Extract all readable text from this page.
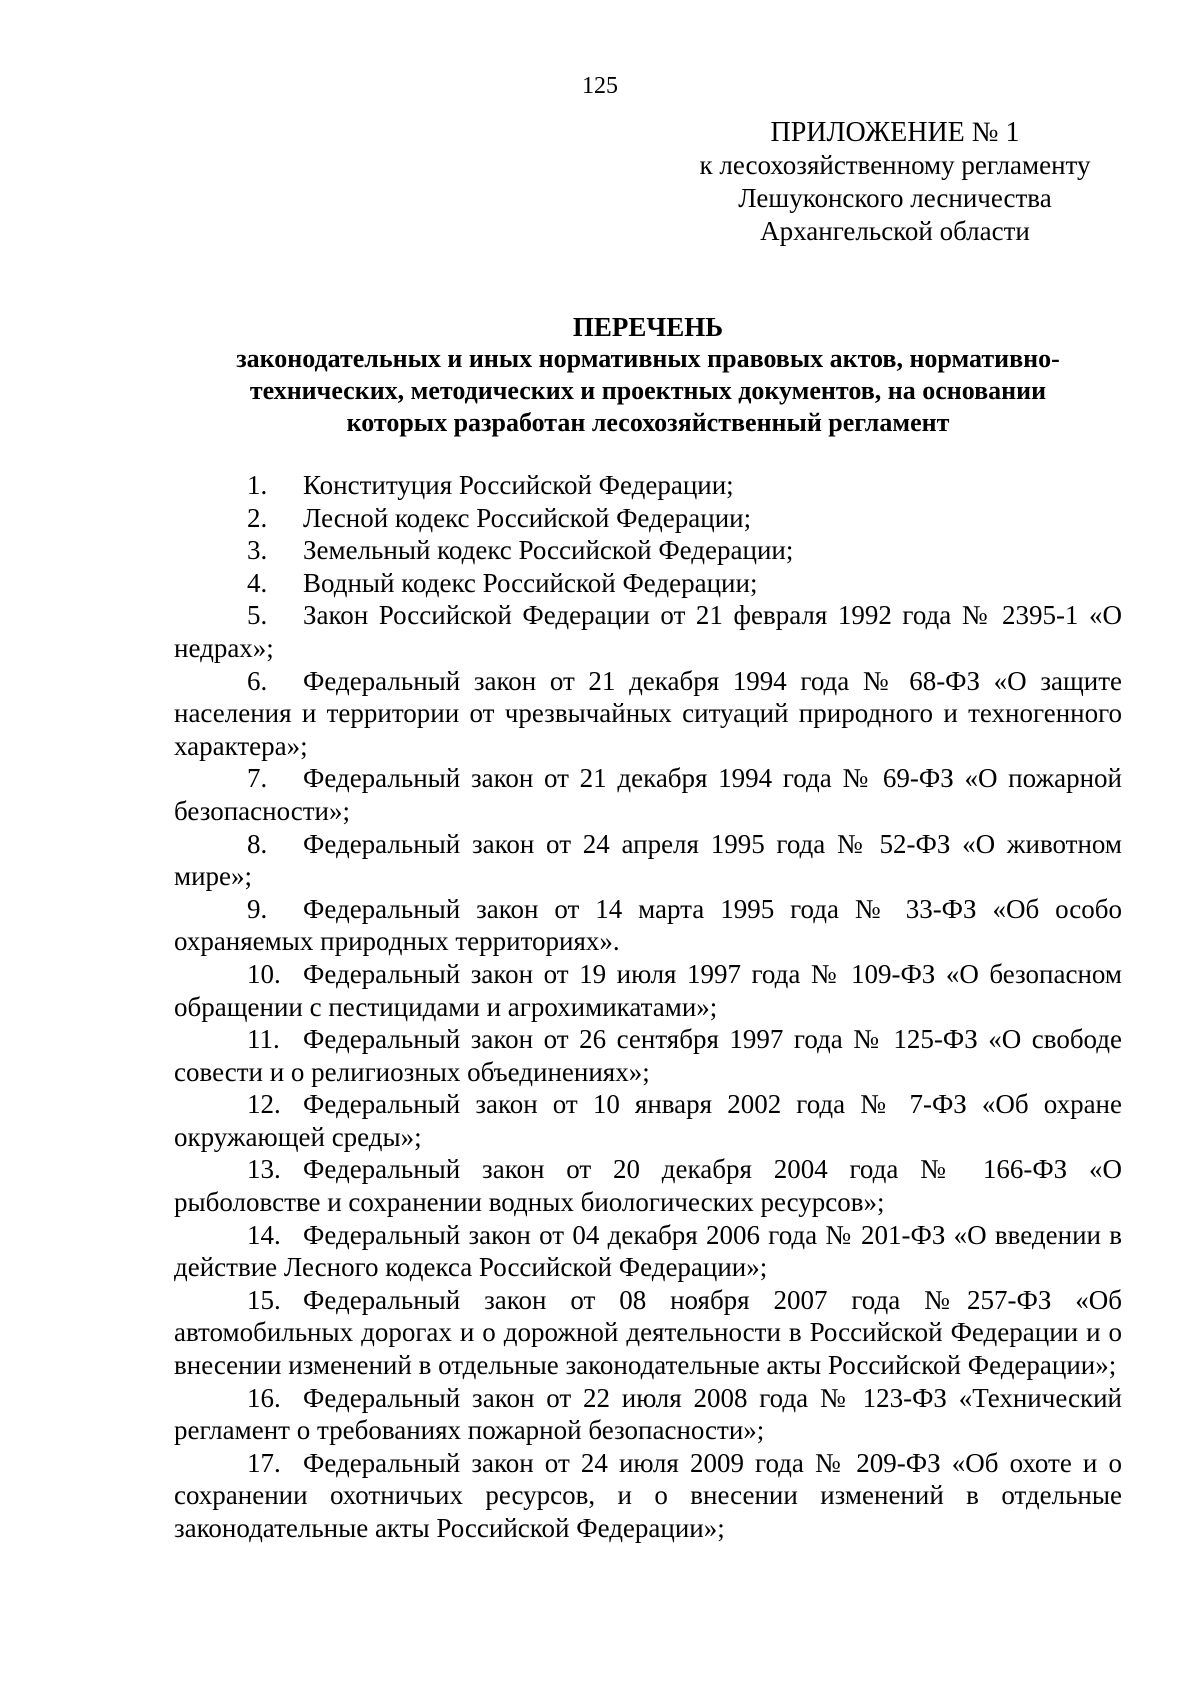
125
ПРИЛОЖЕНИЕ № 1
к лесохозяйственному регламенту
Лешуконского лесничества
Архангельской области
ПЕРЕЧЕНЬ
законодательных и иных нормативных правовых актов, нормативно-
технических, методических и проектных документов, на основании
которых разработан лесохозяйственный регламент

1. Конституция Российской Федерации;

2. Лесной кодекс Российской Федерации;

3. Земельный кодекс Российской Федерации;

4. Водный кодекс Российской Федерации;

5. Закон Российской Федерации от 21 февраля 1992 года № 2395-1 «О недрах»;

6. Федеральный закон от 21 декабря 1994 года № 68-ФЗ «О защите населения и территории от чрезвычайных ситуаций природного и техногенного характера»;

7. Федеральный закон от 21 декабря 1994 года № 69-ФЗ «О пожарной безопасности»;

8. Федеральный закон от 24 апреля 1995 года № 52-ФЗ «О животном мире»;

9. Федеральный закон от 14 марта 1995 года № 33-ФЗ «Об особо охраняемых природных территориях».

10. Федеральный закон от 19 июля 1997 года № 109-ФЗ «О безопасном обращении с пестицидами и агрохимикатами»;

11. Федеральный закон от 26 сентября 1997 года № 125-ФЗ «О свободе совести и о религиозных объединениях»;

12. Федеральный закон от 10 января 2002 года № 7-ФЗ «Об охране окружающей среды»;

13. Федеральный закон от 20 декабря 2004 года № 166-ФЗ «О рыболовстве и сохранении водных биологических ресурсов»;

14. Федеральный закон от 04 декабря 2006 года № 201-ФЗ «О введении в действие Лесного кодекса Российской Федерации»;

15. Федеральный закон от 08 ноября 2007 года №257-ФЗ «Об автомобильных дорогах и о дорожной деятельности в Российской Федерации и о внесении изменений в отдельные законодательные акты Российской Федерации»;

16. Федеральный закон от 22 июля 2008 года № 123-ФЗ «Технический регламент о требованиях пожарной безопасности»;

17. Федеральный закон от 24 июля 2009 года № 209-ФЗ «Об охоте и о сохранении охотничьих ресурсов, и о внесении изменений в отдельные законодательные акты Российской Федерации»;
